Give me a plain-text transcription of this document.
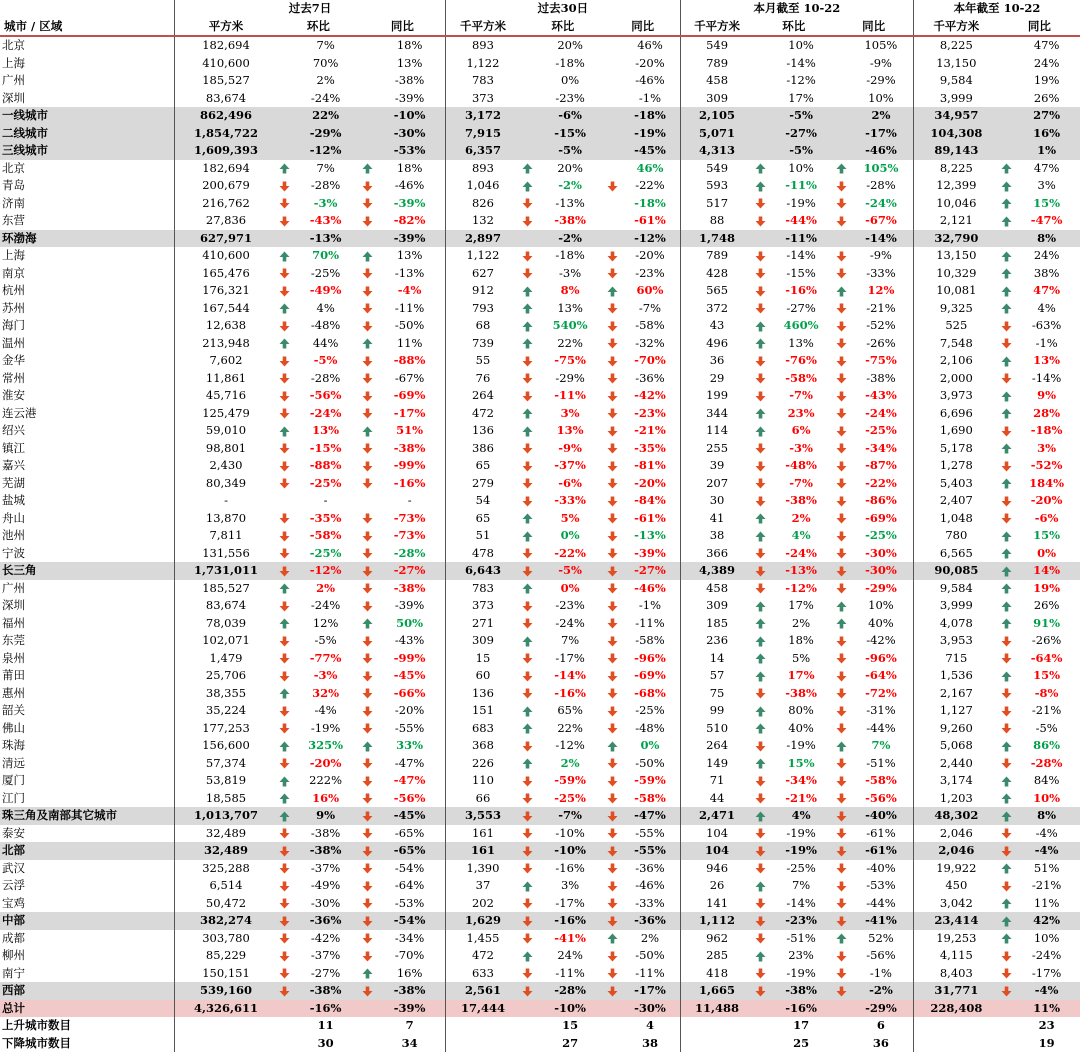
	过去7日					过去30日					本月截至 10-22					本年截至 10-22		
城市 / 区域	平方米	环比		同比		千平方米	环比		同比		千平方米	环比		同比		千平方米	同比	
北京	182,694		7%		18%	893		20%		46%	549		10%		105%	8,225		47%
上海	410,600		70%		13%	1,122		-18%		-20%	789		-14%		-9%	13,150		24%
广州	185,527		2%		-38%	783		0%		-46%	458		-12%		-29%	9,584		19%
深圳	83,674		-24%		-39%	373		-23%		-1%	309		17%		10%	3,999		26%
一线城市	862,496		22%		-10%	3,172		-6%		-18%	2,105		-5%		2%	34,957		27%
二线城市	1,854,722		-29%		-30%	7,915		-15%		-19%	5,071		-27%		-17%	104,308		16%
三线城市	1,609,393		-12%		-53%	6,357		-5%		-45%	4,313		-5%		-46%	89,143		1%
北京	182,694		7%		18%	893		20%		46%	549		10%		105%	8,225		47%
青岛	200,679		-28%		-46%	1,046		-2%		-22%	593		-11%		-28%	12,399		3%
济南	216,762		-3%		-39%	826		-13%		-18%	517		-19%		-24%	10,046		15%
东营	27,836		-43%		-82%	132		-38%		-61%	88		-44%		-67%	2,121		-47%
环渤海	627,971		-13%		-39%	2,897		-2%		-12%	1,748		-11%		-14%	32,790		8%
上海	410,600		70%		13%	1,122		-18%		-20%	789		-14%		-9%	13,150		24%
南京	165,476		-25%		-13%	627		-3%		-23%	428		-15%		-33%	10,329		38%
杭州	176,321		-49%		-4%	912		8%		60%	565		-16%		12%	10,081		47%
苏州	167,544		4%		-11%	793		13%		-7%	372		-27%		-21%	9,325		4%
海门	12,638		-48%		-50%	68		540%		-58%	43		460%		-52%	525		-63%
温州	213,948		44%		11%	739		22%		-32%	496		13%		-26%	7,548		-1%
金华	7,602		-5%		-88%	55		-75%		-70%	36		-76%		-75%	2,106		13%
常州	11,861		-28%		-67%	76		-29%		-36%	29		-58%		-38%	2,000		-14%
淮安	45,716		-56%		-69%	264		-11%		-42%	199		-7%		-43%	3,973		9%
连云港	125,479		-24%		-17%	472		3%		-23%	344		23%		-24%	6,696		28%
绍兴	59,010		13%		51%	136		13%		-21%	114		6%		-25%	1,690		-18%
镇江	98,801		-15%		-38%	386		-9%		-35%	255		-3%		-34%	5,178		3%
嘉兴	2,430		-88%		-99%	65		-37%		-81%	39		-48%		-87%	1,278		-52%
芜湖	80,349		-25%		-16%	279		-6%		-20%	207		-7%		-22%	5,403		184%
盐城	-		-		-	54		-33%		-84%	30		-38%		-86%	2,407		-20%
舟山	13,870		-35%		-73%	65		5%		-61%	41		2%		-69%	1,048		-6%
池州	7,811		-58%		-73%	51		0%		-13%	38		4%		-25%	780		15%
宁波	131,556		-25%		-28%	478		-22%		-39%	366		-24%		-30%	6,565		0%
长三角	1,731,011		-12%		-27%	6,643		-5%		-27%	4,389		-13%		-30%	90,085		14%
广州	185,527		2%		-38%	783		0%		-46%	458		-12%		-29%	9,584		19%
深圳	83,674		-24%		-39%	373		-23%		-1%	309		17%		10%	3,999		26%
福州	78,039		12%		50%	271		-24%		-11%	185		2%		40%	4,078		91%
东莞	102,071		-5%		-43%	309		7%		-58%	236		18%		-42%	3,953		-26%
泉州	1,479		-77%		-99%	15		-17%		-96%	14		5%		-96%	715		-64%
莆田	25,706		-3%		-45%	60		-14%		-69%	57		17%		-64%	1,536		15%
惠州	38,355		32%		-66%	136		-16%		-68%	75		-38%		-72%	2,167		-8%
韶关	35,224		-4%		-20%	151		65%		-25%	99		80%		-31%	1,127		-21%
佛山	177,253		-19%		-55%	683		22%		-48%	510		40%		-44%	9,260		-5%
珠海	156,600		325%		33%	368		-12%		0%	264		-19%		7%	5,068		86%
清远	57,374		-20%		-47%	226		2%		-50%	149		15%		-51%	2,440		-28%
厦门	53,819		222%		-47%	110		-59%		-59%	71		-34%		-58%	3,174		84%
江门	18,585		16%		-56%	66		-25%		-58%	44		-21%		-56%	1,203		10%
珠三角及南部其它城市	1,013,707		9%		-45%	3,553		-7%		-47%	2,471		4%		-40%	48,302		8%
泰安	32,489		-38%		-65%	161		-10%		-55%	104		-19%		-61%	2,046		-4%
北部	32,489		-38%		-65%	161		-10%		-55%	104		-19%		-61%	2,046		-4%
武汉	325,288		-37%		-54%	1,390		-16%		-36%	946		-25%		-40%	19,922		51%
云浮	6,514		-49%		-64%	37		3%		-46%	26		7%		-53%	450		-21%
宝鸡	50,472		-30%		-53%	202		-17%		-33%	141		-14%		-44%	3,042		11%
中部	382,274		-36%		-54%	1,629		-16%		-36%	1,112		-23%		-41%	23,414		42%
成都	303,780		-42%		-34%	1,455		-41%		2%	962		-51%		52%	19,253		10%
柳州	85,229		-37%		-70%	472		24%		-50%	285		23%		-56%	4,115		-24%
南宁	150,151		-27%		16%	633		-11%		-11%	418		-19%		-1%	8,403		-17%
西部	539,160		-38%		-38%	2,561		-28%		-17%	1,665		-38%		-2%	31,771		-4%
总计	4,326,611		-16%		-39%	17,444		-10%		-30%	11,488		-16%		-29%	228,408		11%
上升城市数目			11		7			15		4			17		6			23
下降城市数目			30		34			27		38			25		36			19
